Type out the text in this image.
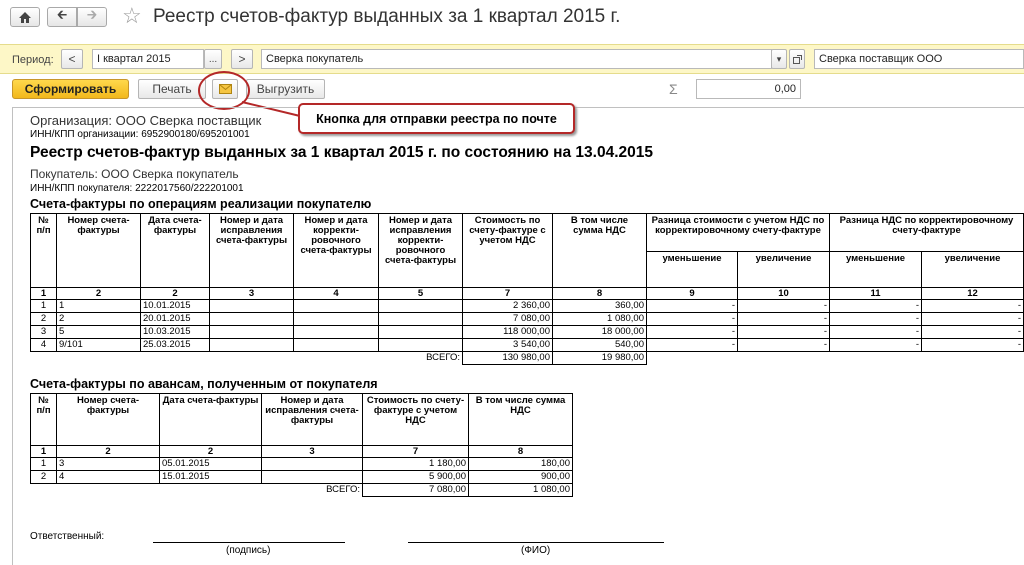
🡰 🡲 ☆ Реестр счетов-фактур выданных за 1 квартал 2015 г.
Период:	<	I квартал 2015	...	>	Сверка покупатель	▾	Сверка поставщик ООО
Сформировать	Печать	Выгрузить	Σ	0,00
Организация: ООО Сверка поставщик
ИНН/КПП организации: 6952900180/695201001
Реестр счетов-фактур выданных за 1 квартал 2015 г. по состоянию на 13.04.2015
Покупатель: ООО Сверка покупатель
ИНН/КПП покупателя: 2222017560/222201001
Счета-фактуры по операциям реализации покупателю
№ п/п	Номер счета-фактуры	Дата счета-фактуры	Номер и дата исправления счета-фактуры	Номер и дата корректи-ровочного счета-фактуры	Номер и дата исправления корректи-ровочного счета-фактуры	Стоимость по счету-фактуре с учетом НДС	В том числе сумма НДС	Разница стоимости с учетом НДС по корректировочному счету-фактуре		Разница НДС по корректировочному счету-фактуре	
								уменьшение	увеличение	уменьшение	увеличение
1	2	2	3	4	5	7	8	9	10	11	12
1	1	10.01.2015				2 360,00	360,00	-	-	-	-
2	2	20.01.2015				7 080,00	1 080,00	-	-	-	-
3	5	10.03.2015				118 000,00	18 000,00	-	-	-	-
4	9/101	25.03.2015				3 540,00	540,00	-	-	-	-
ВСЕГО:						130 980,00	19 980,00				
Счета-фактуры по авансам, полученным от покупателя
№ п/п	Номер счета-фактуры	Дата счета-фактуры	Номер и дата исправления счета-фактуры	Стоимость по счету-фактуре с учетом НДС	В том числе сумма НДС
1	2	2	3	7	8
1	3	05.01.2015		1 180,00	180,00
2	4	15.01.2015		5 900,00	900,00
ВСЕГО:				7 080,00	1 080,00
Ответственный:
(подпись)	(ФИО)
Кнопка для отправки реестра по почте
